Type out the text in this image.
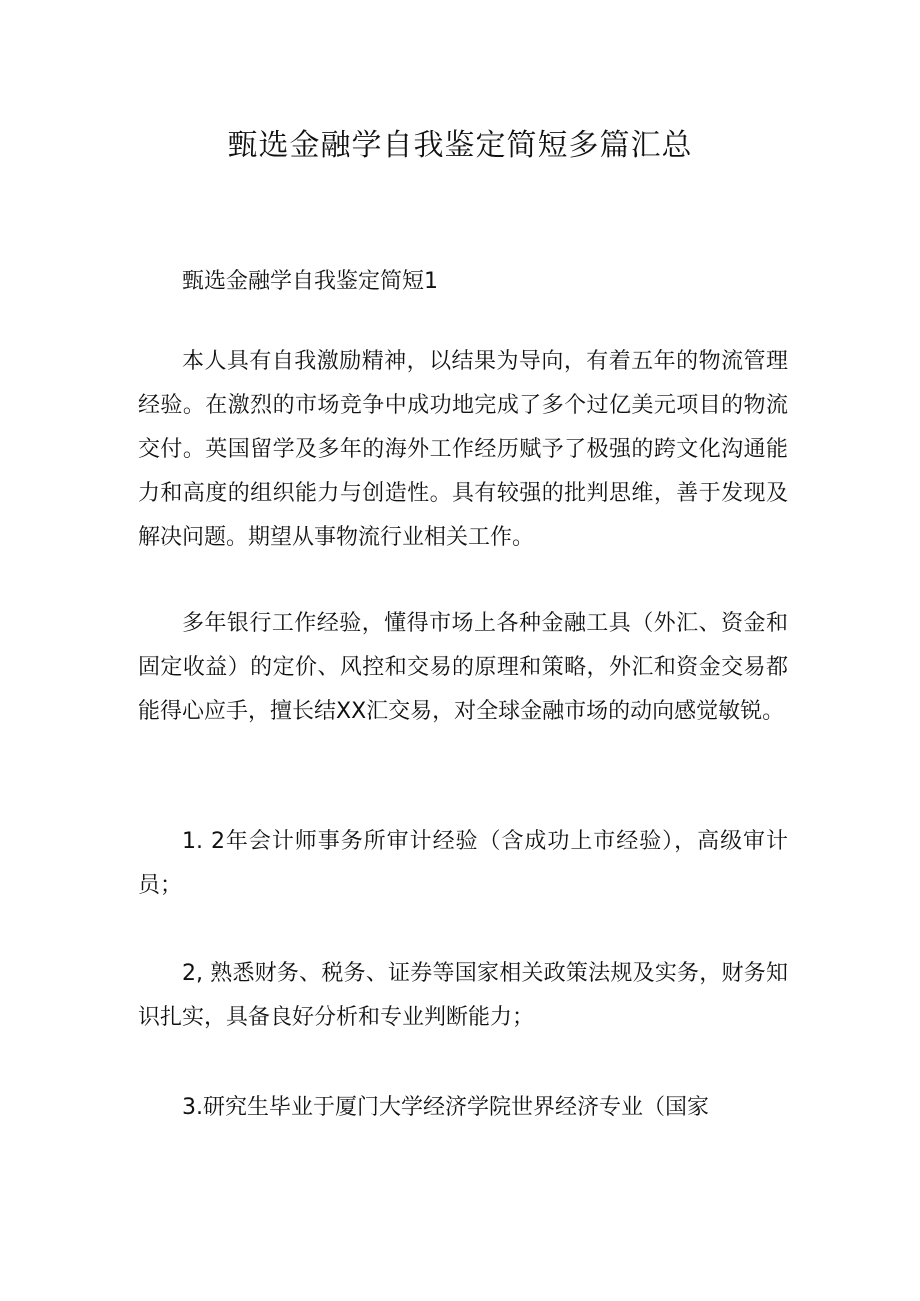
甄选金融学自我鉴定简短多篇汇总

甄选金融学自我鉴定简短1

本人具有自我激励精神，以结果为导向，有着五年的物流管理经验。在激烈的市场竞争中成功地完成了多个过亿美元项目的物流交付。英国留学及多年的海外工作经历赋予了极强的跨文化沟通能力和高度的组织能力与创造性。具有较强的批判思维，善于发现及解决问题。期望从事物流行业相关工作。

多年银行工作经验，懂得市场上各种金融工具（外汇、资金和固定收益）的定价、风控和交易的原理和策略，外汇和资金交易都能得心应手，擅长结XX汇交易，对全球金融市场的动向感觉敏锐。

1. 2年会计师事务所审计经验（含成功上市经验），高级审计员；

2, 熟悉财务、税务、证券等国家相关政策法规及实务，财务知识扎实，具备良好分析和专业判断能力；

3.研究生毕业于厦门大学经济学院世界经济专业（国家
